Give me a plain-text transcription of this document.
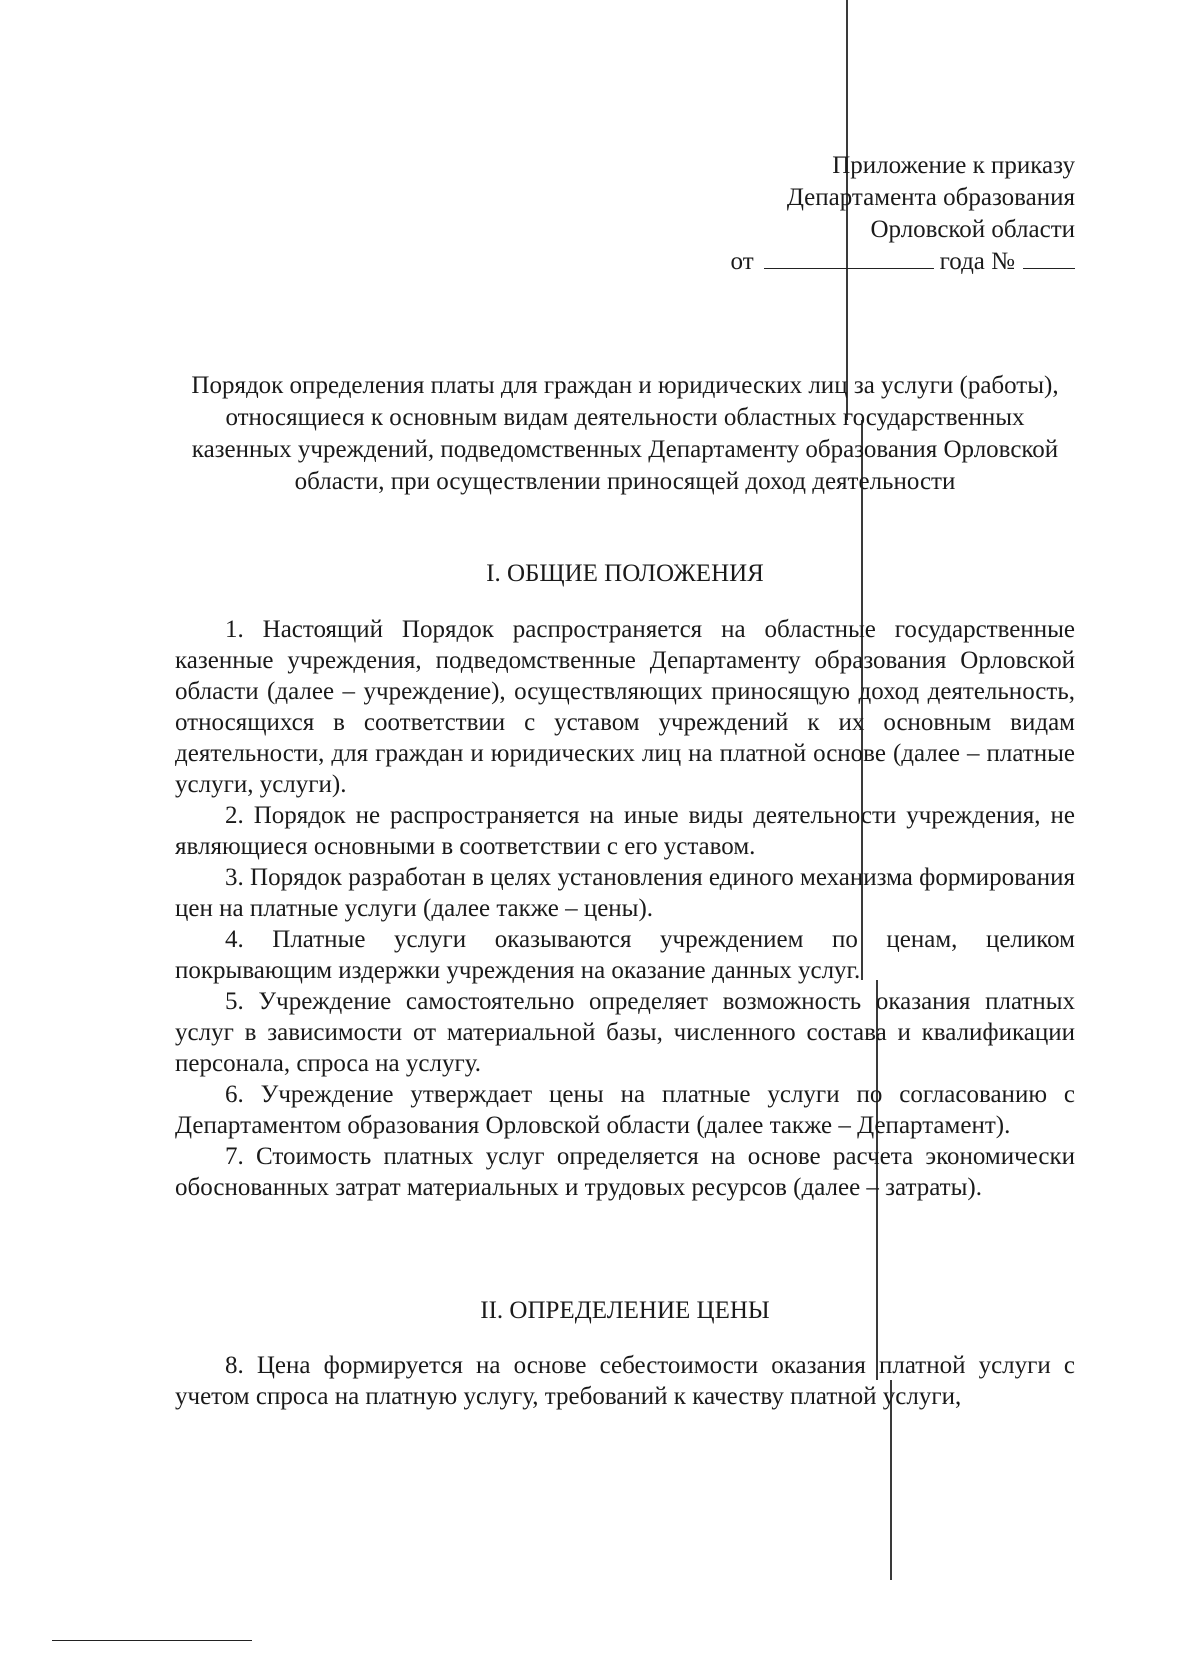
Приложение к приказу
Департамента образования
Орловской области
от	года №
Порядок определения платы для граждан и юридических лиц за услуги (работы), относящиеся к основным видам деятельности областных государственных казенных учреждений, подведомственных Департаменту образования Орловской области, при осуществлении приносящей доход деятельности
I. ОБЩИЕ ПОЛОЖЕНИЯ

1. Настоящий Порядок распространяется на областные государственные казенные учреждения, подведомственные Департаменту образования Орловской области (далее – учреждение), осуществляющих приносящую доход деятельность, относящихся в соответствии с уставом учреждений к их основным видам деятельности, для граждан и юридических лиц на платной основе (далее – платные услуги, услуги).

2. Порядок не распространяется на иные виды деятельности учреждения, не являющиеся основными в соответствии с его уставом.

3. Порядок разработан в целях установления единого механизма формирования цен на платные услуги (далее также – цены).

4. Платные услуги оказываются учреждением по ценам, целиком покрывающим издержки учреждения на оказание данных услуг.

5. Учреждение самостоятельно определяет возможность оказания платных услуг в зависимости от материальной базы, численного состава и квалификации персонала, спроса на услугу.

6. Учреждение утверждает цены на платные услуги по согласованию с Департаментом образования Орловской области (далее также – Департамент).

7. Стоимость платных услуг определяется на основе расчета экономически обоснованных затрат материальных и трудовых ресурсов (далее – затраты).

II. ОПРЕДЕЛЕНИЕ ЦЕНЫ

8. Цена формируется на основе себестоимости оказания платной услуги с учетом спроса на платную услугу, требований к качеству платной услуги,
